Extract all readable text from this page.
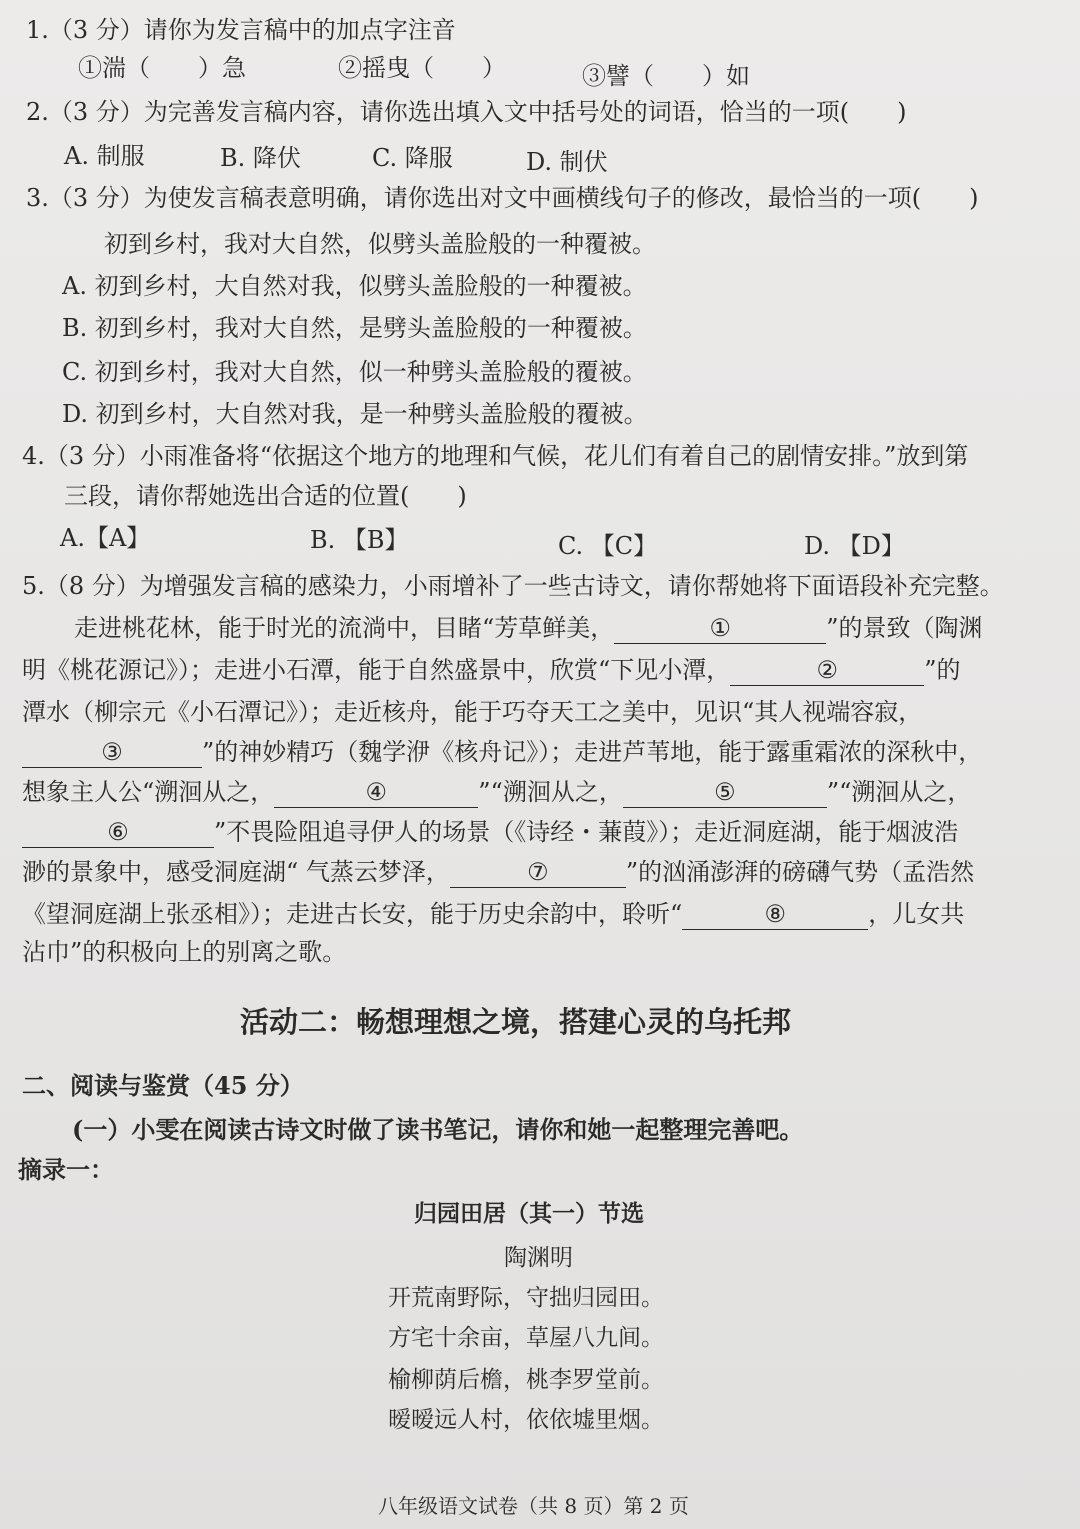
1.（3 分）请你为发言稿中的加点字注音
①湍（　　）急	②摇曳（　　）	③譬（　　）如
2.（3 分）为完善发言稿内容，请你选出填入文中括号处的词语，恰当的一项(　　)
A. 制服	B. 降伏	C. 降服	D. 制伏
3.（3 分）为使发言稿表意明确，请你选出对文中画横线句子的修改，最恰当的一项(　　)
初到乡村，我对大自然，似劈头盖脸般的一种覆被。
A. 初到乡村，大自然对我，似劈头盖脸般的一种覆被。
B. 初到乡村，我对大自然，是劈头盖脸般的一种覆被。
C. 初到乡村，我对大自然，似一种劈头盖脸般的覆被。
D. 初到乡村，大自然对我，是一种劈头盖脸般的覆被。
4.（3 分）小雨准备将“依据这个地方的地理和气候，花儿们有着自己的剧情安排。”放到第
三段，请你帮她选出合适的位置(　　)
A.【A】	B. 【B】	C. 【C】	D. 【D】
5.（8 分）为增强发言稿的感染力，小雨增补了一些古诗文，请你帮她将下面语段补充完整。
走进桃花林，能于时光的流淌中，目睹“芳草鲜美，	①	”的景致（陶渊
明《桃花源记》）；走进小石潭，能于自然盛景中，欣赏“下见小潭，	②	”的
潭水（柳宗元《小石潭记》）；走近核舟，能于巧夺天工之美中，见识“其人视端容寂，
③	”的神妙精巧（魏学洢《核舟记》）；走进芦苇地，能于露重霜浓的深秋中，
想象主人公“溯洄从之，	④	”“溯洄从之，	⑤	”“溯洄从之，
⑥	”不畏险阻追寻伊人的场景（《诗经・蒹葭》）；走近洞庭湖，能于烟波浩
渺的景象中，感受洞庭湖“ 气蒸云梦泽，	⑦	”的汹涌澎湃的磅礴气势（孟浩然
《望洞庭湖上张丞相》）；走进古长安，能于历史余韵中，聆听“	⑧	，儿女共
沾巾”的积极向上的别离之歌。
活动二：畅想理想之境，搭建心灵的乌托邦
二、阅读与鉴赏（45 分）
(一）小雯在阅读古诗文时做了读书笔记，请你和她一起整理完善吧。
摘录一：
归园田居（其一）节选
陶渊明
开荒南野际，守拙归园田。
方宅十余亩，草屋八九间。
榆柳荫后檐，桃李罗堂前。
暧暧远人村，依依墟里烟。
八年级语文试卷（共 8 页）第 2 页
